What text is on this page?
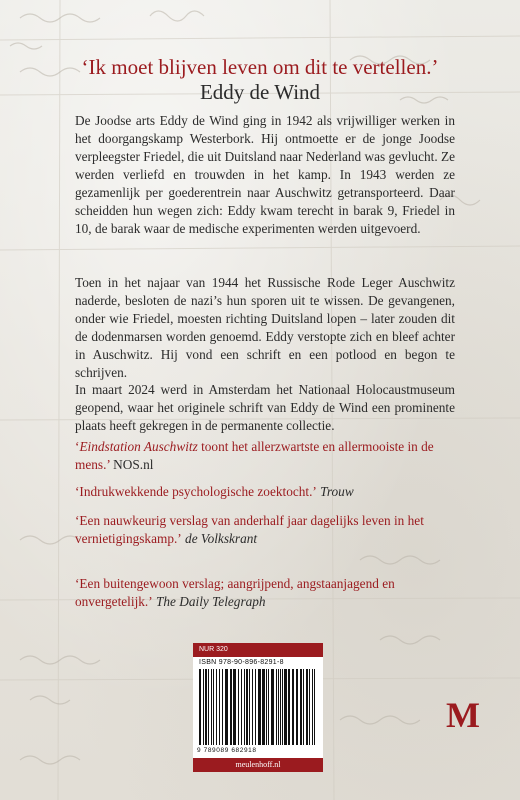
‘Ik moet blijven leven om dit te vertellen.’
Eddy de Wind

De Joodse arts Eddy de Wind ging in 1942 als vrijwilliger werken in het doorgangskamp Westerbork. Hij ontmoette er de jonge Joodse verpleegster Friedel, die uit Duitsland naar Nederland was gevlucht. Ze werden verliefd en trouwden in het kamp. In 1943 werden ze gezamenlijk per goederentrein naar Auschwitz getransporteerd. Daar scheidden hun wegen zich: Eddy kwam terecht in barak 9, Friedel in 10, de barak waar de medische experimenten werden uitgevoerd.

Toen in het najaar van 1944 het Russische Rode Leger Auschwitz naderde, besloten de nazi’s hun sporen uit te wissen. De gevangenen, onder wie Friedel, moesten richting Duitsland lopen – later zouden dit de dodenmarsen worden genoemd. Eddy verstopte zich en bleef achter in Auschwitz. Hij vond een schrift en een potlood en begon te schrijven.

In maart 2024 werd in Amsterdam het Nationaal Holocaustmuseum geopend, waar het originele schrift van Eddy de Wind een prominente plaats heeft gekregen in de permanente collectie.

‘Eindstation Auschwitz toont het allerzwartste en allermooiste in de mens.’ NOS.nl

‘Indrukwekkende psychologische zoektocht.’ Trouw

‘Een nauwkeurig verslag van anderhalf jaar dagelijks leven in het vernietigingskamp.’ de Volkskrant

‘Een buitengewoon verslag; aangrijpend, angstaanjagend en onvergetelijk.’ The Daily Telegraph

NUR 320
ISBN 978-90-896-8291-8
9 789089 682918
meulenhoff.nl
M
